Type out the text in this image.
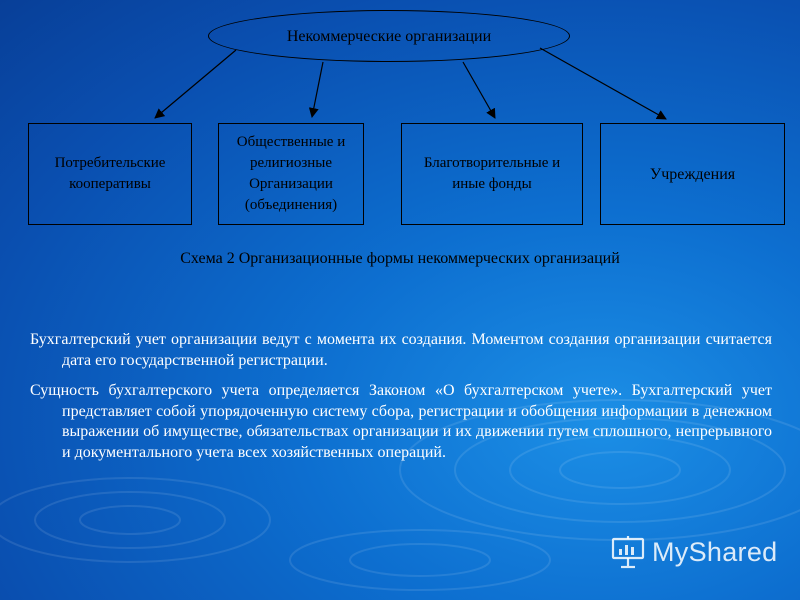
Некоммерческие организации
Потребительские кооперативы
Общественные и религиозные Организации (объединения)
Благотворительные и иные фонды
Учреждения
Схема 2 Организационные формы некоммерческих организаций

Бухгалтерский учет организации ведут с момента их создания. Моментом создания организации считается дата его государственной регистрации.

Сущность бухгалтерского учета определяется Законом «О бухгалтерском учете». Бухгалтерский учет представляет собой упорядоченную систему сбора, регистрации и обобщения информации в денежном выражении об имуществе, обязательствах организации и их движении путем сплошного, непрерывного и документального учета всех хозяйственных операций.

MyShared
